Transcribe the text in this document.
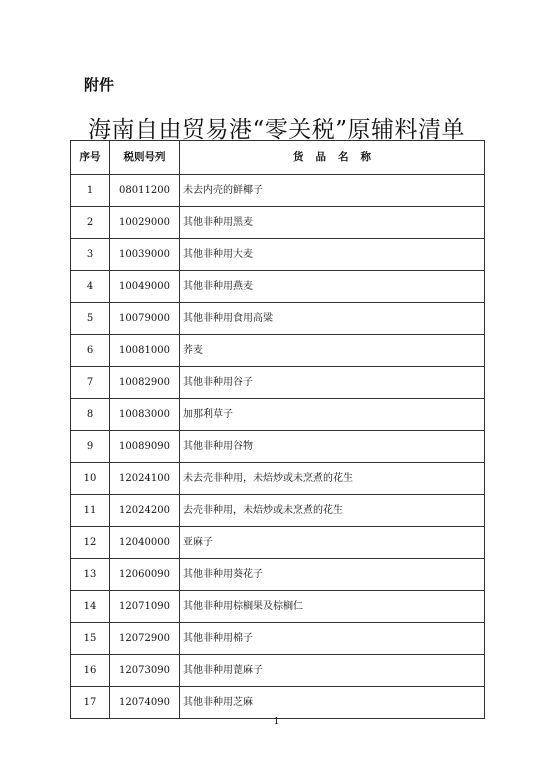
附件
海南自由贸易港“零关税”原辅料清单
序号	税则号列	货品名称
1	08011200	未去内壳的鲜椰子
2	10029000	其他非种用黑麦
3	10039000	其他非种用大麦
4	10049000	其他非种用燕麦
5	10079000	其他非种用食用高粱
6	10081000	荞麦
7	10082900	其他非种用谷子
8	10083000	加那利草子
9	10089090	其他非种用谷物
10	12024100	未去壳非种用，未焙炒或未烹煮的花生
11	12024200	去壳非种用，未焙炒或未烹煮的花生
12	12040000	亚麻子
13	12060090	其他非种用葵花子
14	12071090	其他非种用棕榈果及棕榈仁
15	12072900	其他非种用棉子
16	12073090	其他非种用蓖麻子
17	12074090	其他非种用芝麻
1
